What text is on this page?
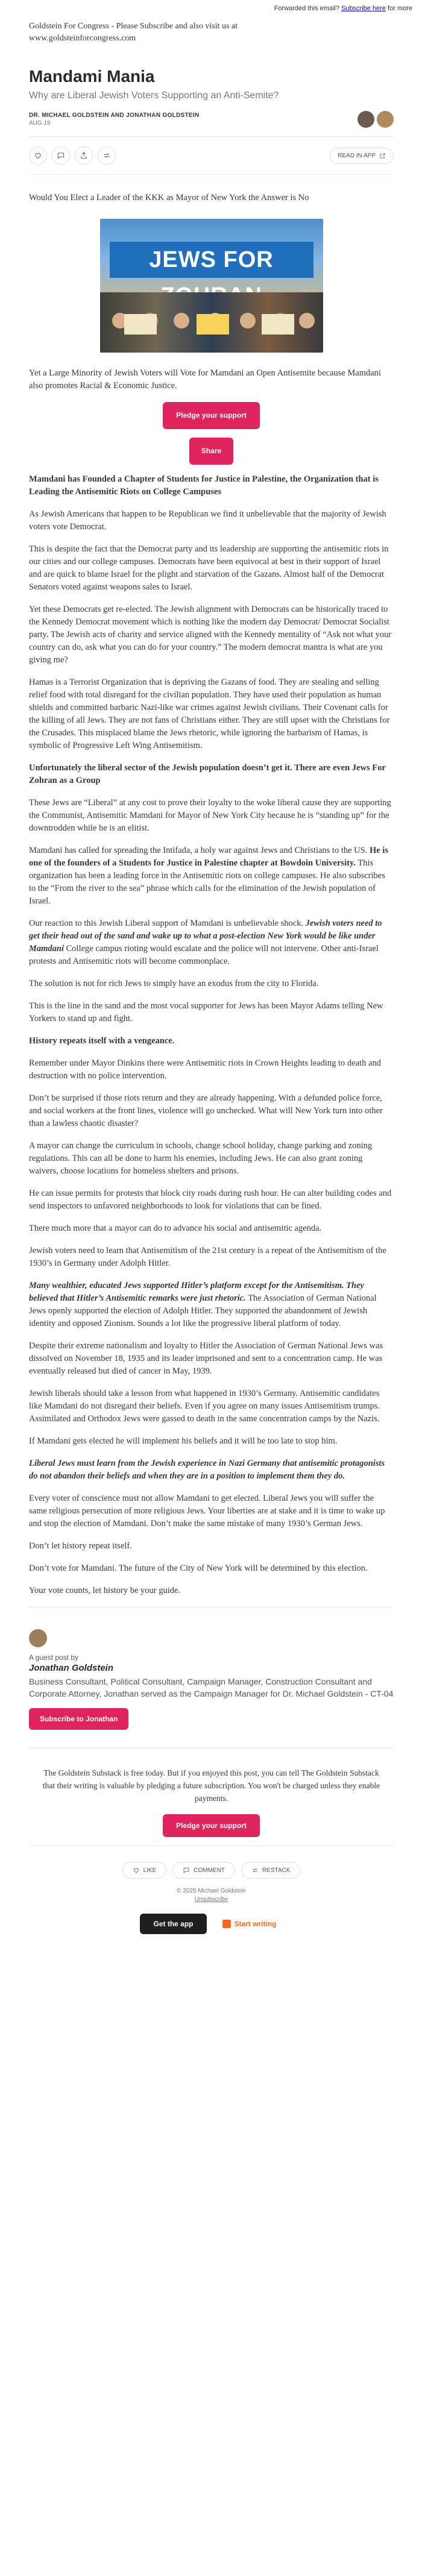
Forwarded this email? Subscribe here for more
Goldstein For Congress - Please Subscribe and also visit us at
www.goldsteinforcongress.com
Mandami Mania
Why are Liberal Jewish Voters Supporting an Anti-Semite?
DR. MICHAEL GOLDSTEIN AND JONATHAN GOLDSTEIN
AUG 19
READ IN APP

Would You Elect a Leader of the KKK as Mayor of New York the Answer is No

JEWS FOR

Yet a Large Minority of Jewish Voters will Vote for Mamdani an Open Antisemite because Mamdani also promotes Racial & Economic Justice.

Pledge your support
Share

Mamdani has Founded a Chapter of Students for Justice in Palestine, the Organization that is Leading the Antisemitic Riots on College Campuses

As Jewish Americans that happen to be Republican we find it unbelievable that the majority of Jewish voters vote Democrat.

This is despite the fact that the Democrat party and its leadership are supporting the antisemitic riots in our cities and our college campuses. Democrats have been equivocal at best in their support of Israel and are quick to blame Israel for the plight and starvation of the Gazans. Almost half of the Democrat Senators voted against weapons sales to Israel.

Yet these Democrats get re-elected. The Jewish alignment with Democrats can be historically traced to the Kennedy Democrat movement which is nothing like the modern day Democrat/ Democrat Socialist party. The Jewish acts of charity and service aligned with the Kennedy mentality of “Ask not what your country can do, ask what you can do for your country.” The modern democrat mantra is what are you giving me?

Hamas is a Terrorist Organization that is depriving the Gazans of food. They are stealing and selling relief food with total disregard for the civilian population. They have used their population as human shields and committed barbaric Nazi-like war crimes against Jewish civilians. Their Covenant calls for the killing of all Jews. They are not fans of Christians either. They are still upset with the Christians for the Crusades. This misplaced blame the Jews rhetoric, while ignoring the barbarism of Hamas, is symbolic of Progressive Left Wing Antisemitism.

Unfortunately the liberal sector of the Jewish population doesn’t get it. There are even Jews For Zohran as a Group

These Jews are “Liberal” at any cost to prove their loyalty to the woke liberal cause they are supporting the Communist, Antisemitic Mamdani for Mayor of New York City because he is “standing up” for the downtrodden while he is an elitist.

Mamdani has called for spreading the Intifada, a holy war against Jews and Christians to the US. He is one of the founders of a Students for Justice in Palestine chapter at Bowdoin University. This organization has been a leading force in the Antisemitic riots on college campuses. He also subscribes to the “From the river to the sea” phrase which calls for the elimination of the Jewish population of Israel.

Our reaction to this Jewish Liberal support of Mamdani is unbelievable shock. Jewish voters need to get their head out of the sand and wake up to what a post-election New York would be like under Mamdani College campus rioting would escalate and the police will not intervene. Other anti-Israel protests and Antisemitic riots will become commonplace.

The solution is not for rich Jews to simply have an exodus from the city to Florida.

This is the line in the sand and the most vocal supporter for Jews has been Mayor Adams telling New Yorkers to stand up and fight.

History repeats itself with a vengeance.

Remember under Mayor Dinkins there were Antisemitic riots in Crown Heights leading to death and destruction with no police intervention.

Don’t be surprised if those riots return and they are already happening. With a defunded police force, and social workers at the front lines, violence will go unchecked. What will New York turn into other than a lawless chaotic disaster?

A mayor can change the curriculum in schools, change school holiday, change parking and zoning regulations. This can all be done to harm his enemies, including Jews. He can also grant zoning waivers, choose locations for homeless shelters and prisons.

He can issue permits for protests that block city roads during rush hour. He can alter building codes and send inspectors to unfavored neighborhoods to look for violations that can be fined.

There much more that a mayor can do to advance his social and antisemitic agenda.

Jewish voters need to learn that Antisemitism of the 21st century is a repeat of the Antisemitism of the 1930’s in Germany under Adolph Hitler.

Many wealthier, educated Jews supported Hitler’s platform except for the Antisemitism. They believed that Hitler’s Antisemitic remarks were just rhetoric. The Association of German National Jews openly supported the election of Adolph Hitler. They supported the abandonment of Jewish identity and opposed Zionism. Sounds a lot like the progressive liberal platform of today.

Despite their extreme nationalism and loyalty to Hitler the Association of German National Jews was dissolved on November 18, 1935 and its leader imprisoned and sent to a concentration camp. He was eventually released but died of cancer in May, 1939.

Jewish liberals should take a lesson from what happened in 1930’s Germany. Antisemitic candidates like Mamdani do not disregard their beliefs. Even if you agree on many issues Antisemitism trumps. Assimilated and Orthodox Jews were gassed to death in the same concentration camps by the Nazis.

If Mamdani gets elected he will implement his beliefs and it will be too late to stop him.

Liberal Jews must learn from the Jewish experience in Nazi Germany that antisemitic protagonists do not abandon their beliefs and when they are in a position to implement them they do.

Every voter of conscience must not allow Mamdani to get elected. Liberal Jews you will suffer the same religious persecution of more religious Jews. Your liberties are at stake and it is time to wake up and stop the election of Mamdani. Don’t make the same mistake of many 1930’s German Jews.

Don’t let history repeat itself.

Don’t vote for Mamdani. The future of the City of New York will be determined by this election.

Your vote counts, let history be your guide.

A guest post by
Jonathan Goldstein
Business Consultant, Political Consultant, Campaign Manager, Construction Consultant and Corporate Attorney, Jonathan served as the Campaign Manager for Dr. Michael Goldstein - CT-04
Subscribe to Jonathan
The Goldstein Substack is free today. But if you enjoyed this post, you can tell The Goldstein Substack that their writing is valuable by pledging a future subscription. You won't be charged unless they enable payments.
Pledge your support
LIKE	COMMENT	RESTACK
© 2025 Michael Goldstein
Unsubscribe
Get the app	Start writing
